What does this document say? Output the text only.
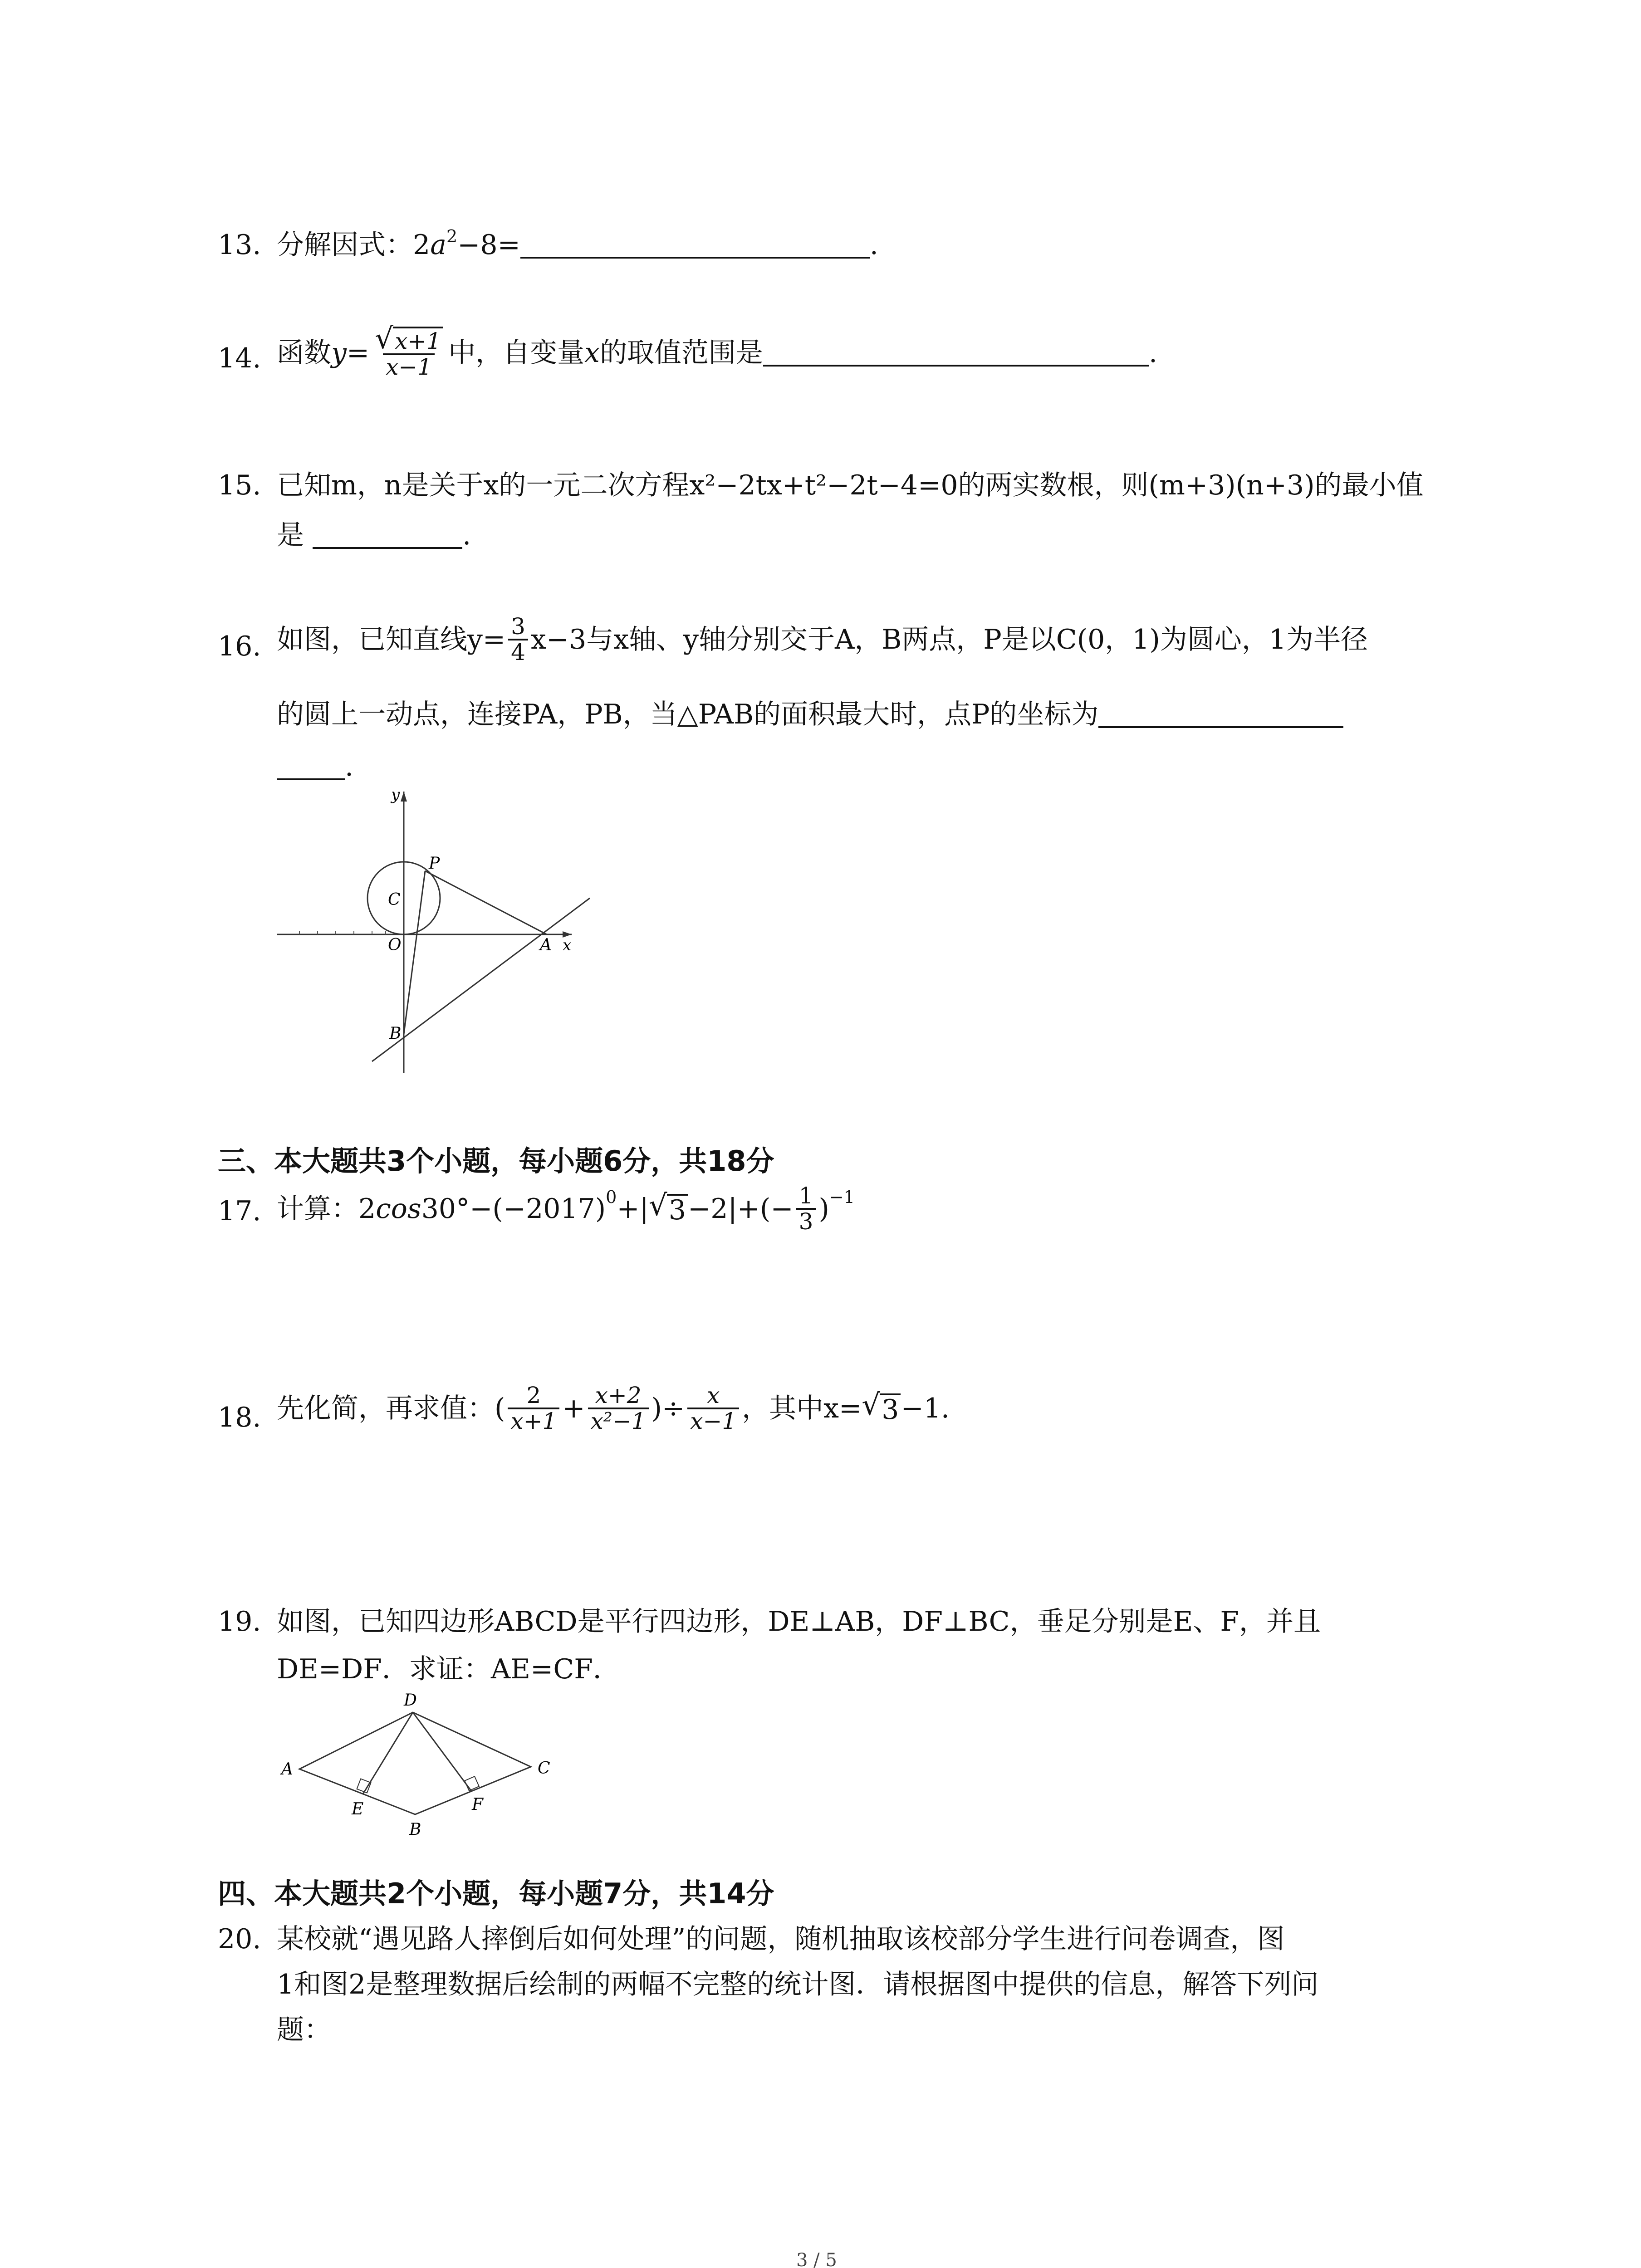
13. 分解因式：$2a^2-8=$	.
14. 函数 $y = \frac{√ x+1}{x-1}$ 中，自变量 x 的取值范围是	.
15. 已知m，n是关于x的一元二次方程x²−2tx+t²−2t−4=0的两实数根，则(m+3)(n+3)的最小值
是	.
16. 如图，已知直线$y= \frac{3}{4} x-3$与x轴、y轴分别交于A，B两点，P是以C(0，1)为圆心，1为半径
的圆上一动点，连接PA，PB，当△PAB的面积最大时，点P的坐标为
.
y
P
C
O	A x
B
三、本大题共3个小题，每小题6分，共18分
17. 计算：2 cos 30°−(−2017) 0 +| √ $3 -2|+(- \frac{1}{3}$ ) −1
18. 先化简，再求值：( $\frac{2}{x+1} + \frac{x+2}{\text{x²−1}}$ )÷ $\frac{x}{x-1}$ ，其中x= √ 3 −1.
19. 如图，已知四边形ABCD是平行四边形，DE⊥AB，DF⊥BC，垂足分别是E、F，并且
DE=DF．求证：AE=CF．
D
A	C
E	F
B
四、本大题共2个小题，每小题7分，共14分
20. 某校就“遇见路人摔倒后如何处理”的问题，随机抽取该校部分学生进行问卷调查，图
1和图2是整理数据后绘制的两幅不完整的统计图．请根据图中提供的信息，解答下列问
题：
3 / 5
